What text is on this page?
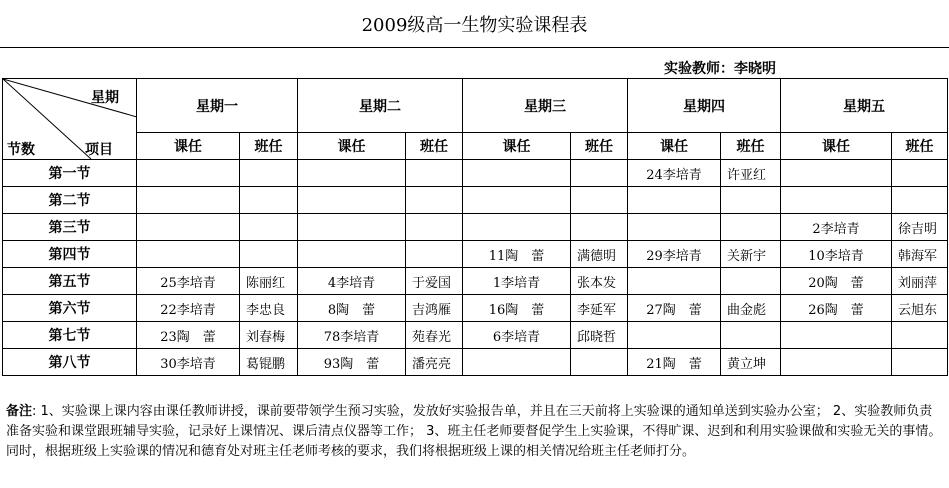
2009级高一生物实验课程表
实验教师：李晓明
星期
节数 项目	星期一		星期二		星期三		星期四		星期五	
	课任	班任	课任	班任	课任	班任	课任	班任	课任	班任
第一节							24李培青	许亚红		
第二节										
第三节									2李培青	徐吉明
第四节					11陶　蕾	满德明	29李培青	关新宇	10李培青	韩海军
第五节	25李培青	陈丽红	4李培青	于爱国	1李培青	张本发			20陶　蕾	刘丽萍
第六节	22李培青	李忠良	8陶　蕾	吉鸿雁	16陶　蕾	李延军	27陶　蕾	曲金彪	26陶　蕾	云旭东
第七节	23陶　蕾	刘春梅	78李培青	苑春光	6李培青	邱晓哲				
第八节	30李培青	葛锟鹏	93陶　蕾	潘亮亮			21陶　蕾	黄立坤		
备注: 1、实验课上课内容由课任教师讲授，课前要带领学生预习实验，发放好实验报告单，并且在三天前将上实验课的通知单送到实验办公室； 2、实验教师负责准备实验和课堂跟班辅导实验，记录好上课情况、课后清点仪器等工作； 3、班主任老师要督促学生上实验课，不得旷课、迟到和利用实验课做和实验无关的事情。同时，根据班级上实验课的情况和德育处对班主任老师考核的要求，我们将根据班级上课的相关情况给班主任老师打分。
